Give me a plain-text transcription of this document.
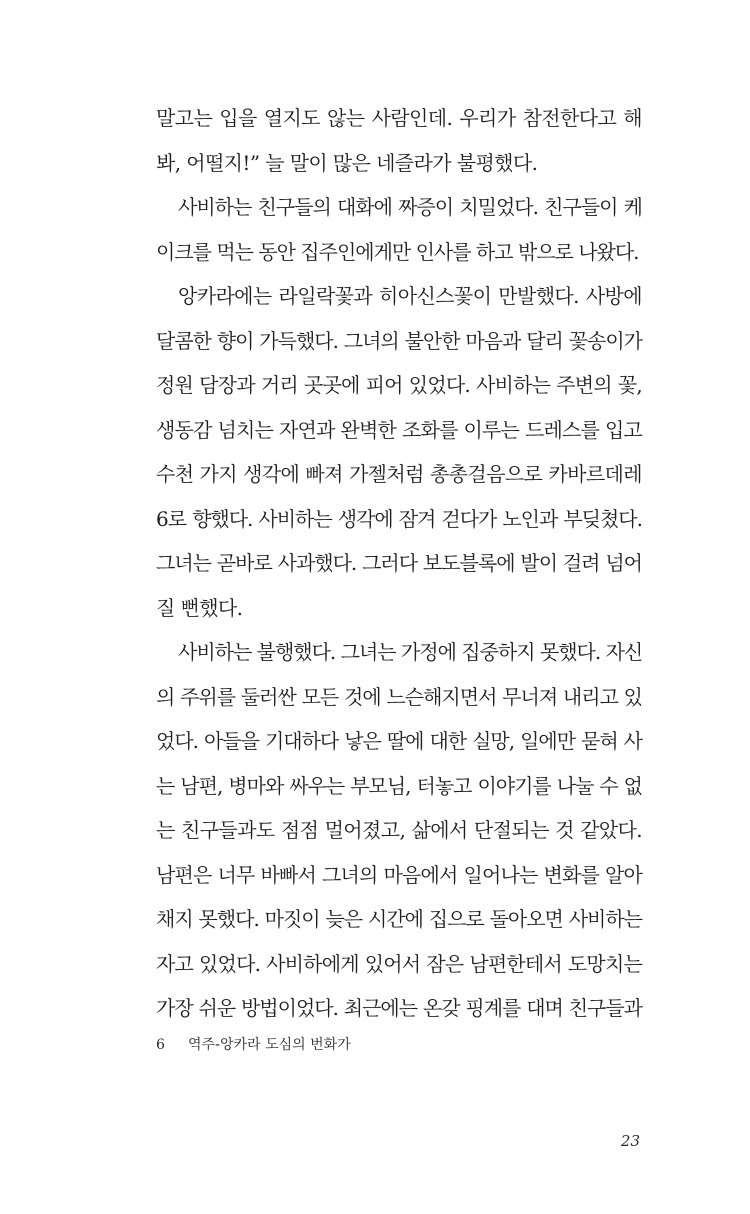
말고는 입을 열지도 않는 사람인데. 우리가 참전한다고 해
봐, 어떨지!” 늘 말이 많은 네즐라가 불평했다.
사비하는 친구들의 대화에 짜증이 치밀었다. 친구들이 케
이크를 먹는 동안 집주인에게만 인사를 하고 밖으로 나왔다.
앙카라에는 라일락꽃과 히아신스꽃이 만발했다. 사방에
달콤한 향이 가득했다. 그녀의 불안한 마음과 달리 꽃송이가
정원 담장과 거리 곳곳에 피어 있었다. 사비하는 주변의 꽃,
생동감 넘치는 자연과 완벽한 조화를 이루는 드레스를 입고
수천 가지 생각에 빠져 가젤처럼 총총걸음으로 카바르데레
6로 향했다. 사비하는 생각에 잠겨 걷다가 노인과 부딪쳤다.
그녀는 곧바로 사과했다. 그러다 보도블록에 발이 걸려 넘어
질 뻔했다.
사비하는 불행했다. 그녀는 가정에 집중하지 못했다. 자신
의 주위를 둘러싼 모든 것에 느슨해지면서 무너져 내리고 있
었다. 아들을 기대하다 낳은 딸에 대한 실망, 일에만 묻혀 사
는 남편, 병마와 싸우는 부모님, 터놓고 이야기를 나눌 수 없
는 친구들과도 점점 멀어졌고, 삶에서 단절되는 것 같았다.
남편은 너무 바빠서 그녀의 마음에서 일어나는 변화를 알아
채지 못했다. 마짓이 늦은 시간에 집으로 돌아오면 사비하는
자고 있었다. 사비하에게 있어서 잠은 남편한테서 도망치는
가장 쉬운 방법이었다. 최근에는 온갖 핑계를 대며 친구들과
6 역주-앙카라 도심의 번화가
23
